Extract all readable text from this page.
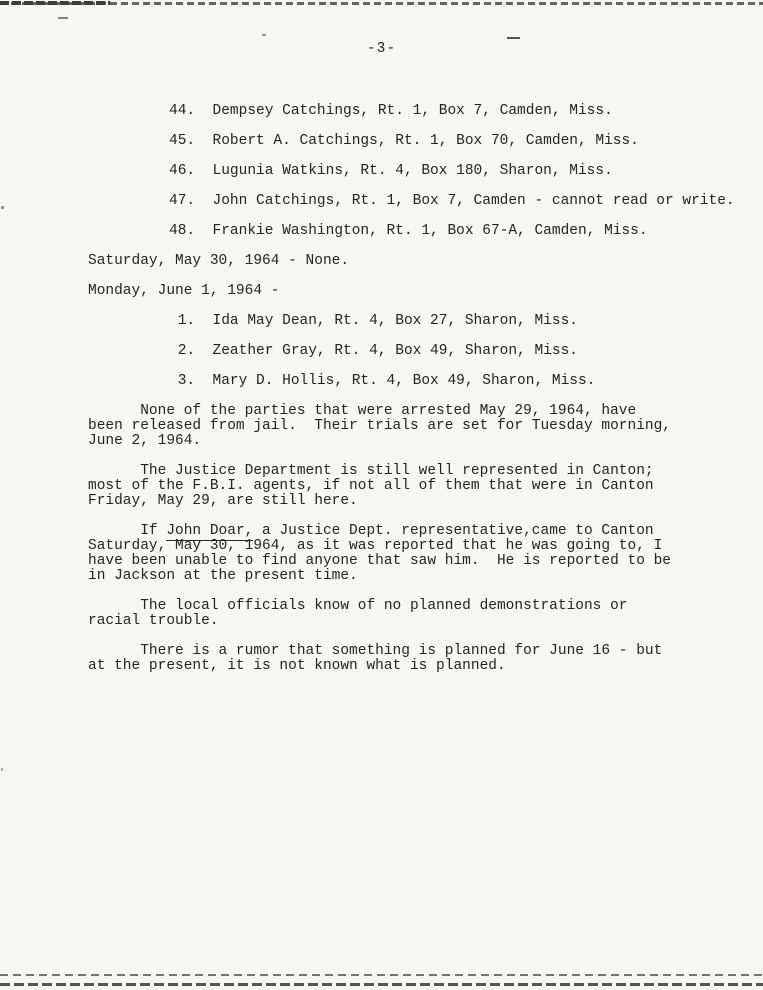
-3-
44.  Dempsey Catchings, Rt. 1, Box 7, Camden, Miss.
45.  Robert A. Catchings, Rt. 1, Box 70, Camden, Miss.
46.  Lugunia Watkins, Rt. 4, Box 180, Sharon, Miss.
47.  John Catchings, Rt. 1, Box 7, Camden - cannot read or write.
48.  Frankie Washington, Rt. 1, Box 67-A, Camden, Miss.
Saturday, May 30, 1964 - None.
Monday, June 1, 1964 -
1.  Ida May Dean, Rt. 4, Box 27, Sharon, Miss.
2.  Zeather Gray, Rt. 4, Box 49, Sharon, Miss.
3.  Mary D. Hollis, Rt. 4, Box 49, Sharon, Miss.
None of the parties that were arrested May 29, 1964, have
been released from jail.  Their trials are set for Tuesday morning,
June 2, 1964.
The Justice Department is still well represented in Canton;
most of the F.B.I. agents, if not all of them that were in Canton
Friday, May 29, are still here.
If John Doar, a Justice Dept. representative,came to Canton
Saturday, May 30, 1964, as it was reported that he was going to, I
have been unable to find anyone that saw him.  He is reported to be
in Jackson at the present time.
The local officials know of no planned demonstrations or
racial trouble.
There is a rumor that something is planned for June 16 - but
at the present, it is not known what is planned.
